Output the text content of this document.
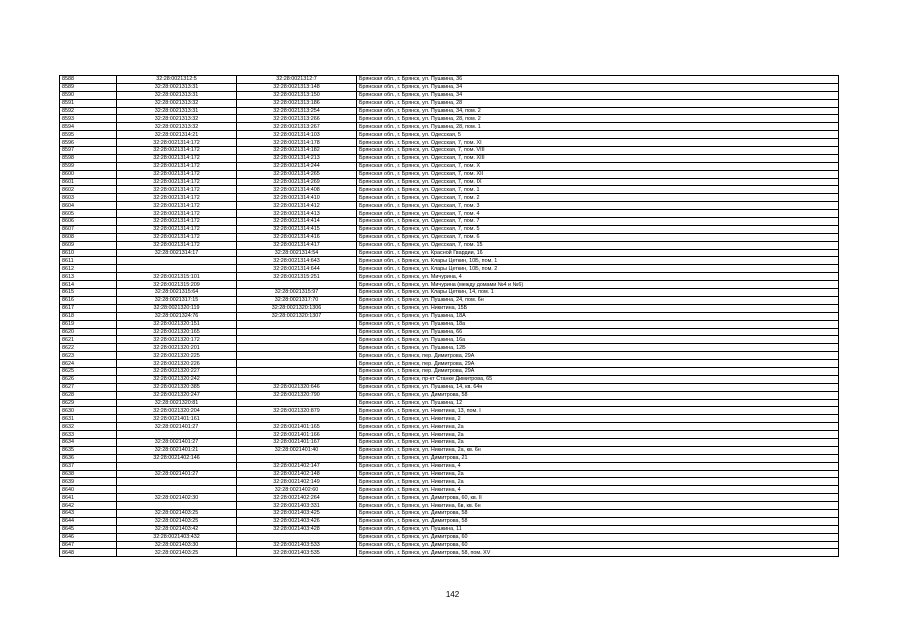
8588	32:28:0021312:5	32:28:0021312:7	Брянская обл., г. Брянск, ул. Пушкина, 36
8589	32:28:0021313:31	32:28:0021313:148	Брянская обл., г. Брянск, ул. Пушкина, 34
8590	32:28:0021313:31	32:28:0021313:150	Брянская обл., г. Брянск, ул. Пушкина, 34
8591	32:28:0021313:32	32:28:0021313:186	Брянская обл., г. Брянск, ул. Пушкина, 28
8592	32:28:0021313:31	32:28:0021313:254	Брянская обл., г. Брянск, ул. Пушкина, 34, пом. 2
8593	32:28:0021313:32	32:28:0021313:266	Брянская обл., г. Брянск, ул. Пушкина, 28, пом. 2
8594	32:28:0021313:32	32:28:0021313:267	Брянская обл., г. Брянск, ул. Пушкина, 28, пом. 1
8595	32:28:0021314:21	32:28:0021314:103	Брянская обл., г. Брянск, ул. Одесская, 5
8596	32:28:0021314:172	32:28:0021314:178	Брянская обл., г. Брянск, ул. Одесская, 7, пом. XI
8597	32:28:0021314:172	32:28:0021314:182	Брянская обл., г. Брянск, ул. Одесская, 7, пом. VIII
8598	32:28:0021314:172	32:28:0021314:213	Брянская обл., г. Брянск, ул. Одесская, 7, пом. XIII
8599	32:28:0021314:172	32:28:0021314:244	Брянская обл., г. Брянск, ул. Одесская, 7, пом. X
8600	32:28:0021314:172	32:28:0021314:265	Брянская обл., г. Брянск, ул. Одесская, 7, пом. XII
8601	32:28:0021314:172	32:28:0021314:269	Брянская обл., г. Брянск, ул. Одесская, 7, пом. IX
8602	32:28:0021314:172	32:28:0021314:408	Брянская обл., г. Брянск, ул. Одесская, 7, пом. 1
8603	32:28:0021314:172	32:28:0021314:410	Брянская обл., г. Брянск, ул. Одесская, 7, пом. 2
8604	32:28:0021314:172	32:28:0021314:412	Брянская обл., г. Брянск, ул. Одесская, 7, пом. 3
8605	32:28:0021314:172	32:28:0021314:413	Брянская обл., г. Брянск, ул. Одесская, 7, пом. 4
8606	32:28:0021314:172	32:28:0021314:414	Брянская обл., г. Брянск, ул. Одесская, 7, пом. 7
8607	32:28:0021314:172	32:28:0021314:415	Брянская обл., г. Брянск, ул. Одесская, 7, пом. 5
8608	32:28:0021314:172	32:28:0021314:416	Брянская обл., г. Брянск, ул. Одесская, 7, пом. 6
8609	32:28:0021314:172	32:28:0021314:417	Брянская обл., г. Брянск, ул. Одесская, 7, пом. 15
8610	32:28:0021314:17	32:28:0021314:54	Брянская обл., г. Брянск, ул. Красной Гвардии, 16
8611		32:28:0021314:643	Брянская обл., г. Брянск, ул. Клары Цеткин, 10Б, пом. 1
8612		32:28:0021314:644	Брянская обл., г. Брянск, ул. Клары Цеткин, 10Б, пом. 2
8613	32:28:0021315:101	32:28:0021315:251	Брянская обл., г. Брянск, ул. Мичурина, 4
8614	32:28:0021315:209		Брянская обл., г. Брянск, ул. Мичурина (между домами №4 и №6)
8615	32:28:0021315:64	32:28:0021315:97	Брянская обл., г. Брянск, ул. Клары Цеткин, 14, пом. 1
8616	32:28:0021317:15	32:28:0021317:70	Брянская обл., г. Брянск, ул. Пушкина, 24, пом. 6н
8617	32:28:0021320:119	32:28:0021320:1306	Брянская обл., г. Брянск, ул. Никитина, 15Б
8618	32:28:0021324:76	32:28:0021320:1307	Брянская обл., г. Брянск, ул. Пушкина, 18А
8619	32:28:0021320:151		Брянская обл., г. Брянск, ул. Пушкина, 18а
8620	32:28:0021320:165		Брянская обл., г. Брянск, ул. Пушкина, 66
8621	32:28:0021320:172		Брянская обл., г. Брянск, ул. Пушкина, 16а
8622	32:28:0021320:201		Брянская обл., г. Брянск, ул. Пушкина, 12Б
8623	32:28:0021320:225		Брянская обл., г. Брянск, пер. Димитрова, 29А
8624	32:28:0021320:226		Брянская обл., г. Брянск, пер. Димитрова, 29А
8625	32:28:0021320:227		Брянская обл., г. Брянск, пер. Димитрова, 29А
8626	32:28:0021320:242		Брянская обл., г. Брянск, пр-кт Станке Димитрова, 65
8627	32:28:0021320:385	32:28:0021320:646	Брянская обл., г. Брянск, ул. Пушкина, 14, кв. 64н
8628	32:28:0021320:247	32:28:0021320:790	Брянская обл., г. Брянск, ул. Димитрова, 58
8629	32:28:0021320:81		Брянская обл., г. Брянск, ул. Пушкина, 12
8630	32:28:0021320:204	32:28:0021320:879	Брянская обл., г. Брянск, ул. Никитина, 13, пом. I
8631	32:28:0021401:161		Брянская обл., г. Брянск, ул. Никитина, 2
8632	32:28:0021401:27	32:28:0021401:165	Брянская обл., г. Брянск, ул. Никитина, 2а
8633		32:28:0021401:166	Брянская обл., г. Брянск, ул. Никитина, 2а
8634	32:28:0021401:27	32:28:0021401:167	Брянская обл., г. Брянск, ул. Никитина, 2а
8635	32:28:0021401:21	32:28:0021401:40	Брянская обл., г. Брянск, ул. Никитина, 2а, кв. 6н
8636	32:28:0021402:146		Брянская обл., г. Брянск, ул. Димитрова, 21
8637		32:28:0021402:147	Брянская обл., г. Брянск, ул. Никитина, 4
8638	32:28:0021401:27	32:28:0021402:148	Брянская обл., г. Брянск, ул. Никитина, 2а
8639		32:28:0021402:149	Брянская обл., г. Брянск, ул. Никитина, 2а
8640		32:28:0021402:60	Брянская обл., г. Брянск, ул. Никитина, 4
8641	32:28:0021402:30	32:28:0021402:264	Брянская обл., г. Брянск, ул. Димитрова, 60, кв. II
8642		32:28:0021403:331	Брянская обл., г. Брянск, ул. Никитина, 6в, кв. 6н
8643	32:28:0021403:25	32:28:0021403:425	Брянская обл., г. Брянск, ул. Димитрова, 58
8644	32:28:0021403:25	32:28:0021403:426	Брянская обл., г. Брянск, ул. Димитрова, 58
8645	32:28:0021403:42	32:28:0021403:428	Брянская обл., г. Брянск, ул. Пушкина, 11
8646	32:28:0021403:432		Брянская обл., г. Брянск, ул. Димитрова, 60
8647	32:28:0021403:30	32:28:0021403:533	Брянская обл., г. Брянск, ул. Димитрова, 60
8648	32:28:0021403:25	32:28:0021403:535	Брянская обл., г. Брянск, ул. Димитрова, 58, пом. XV
142
